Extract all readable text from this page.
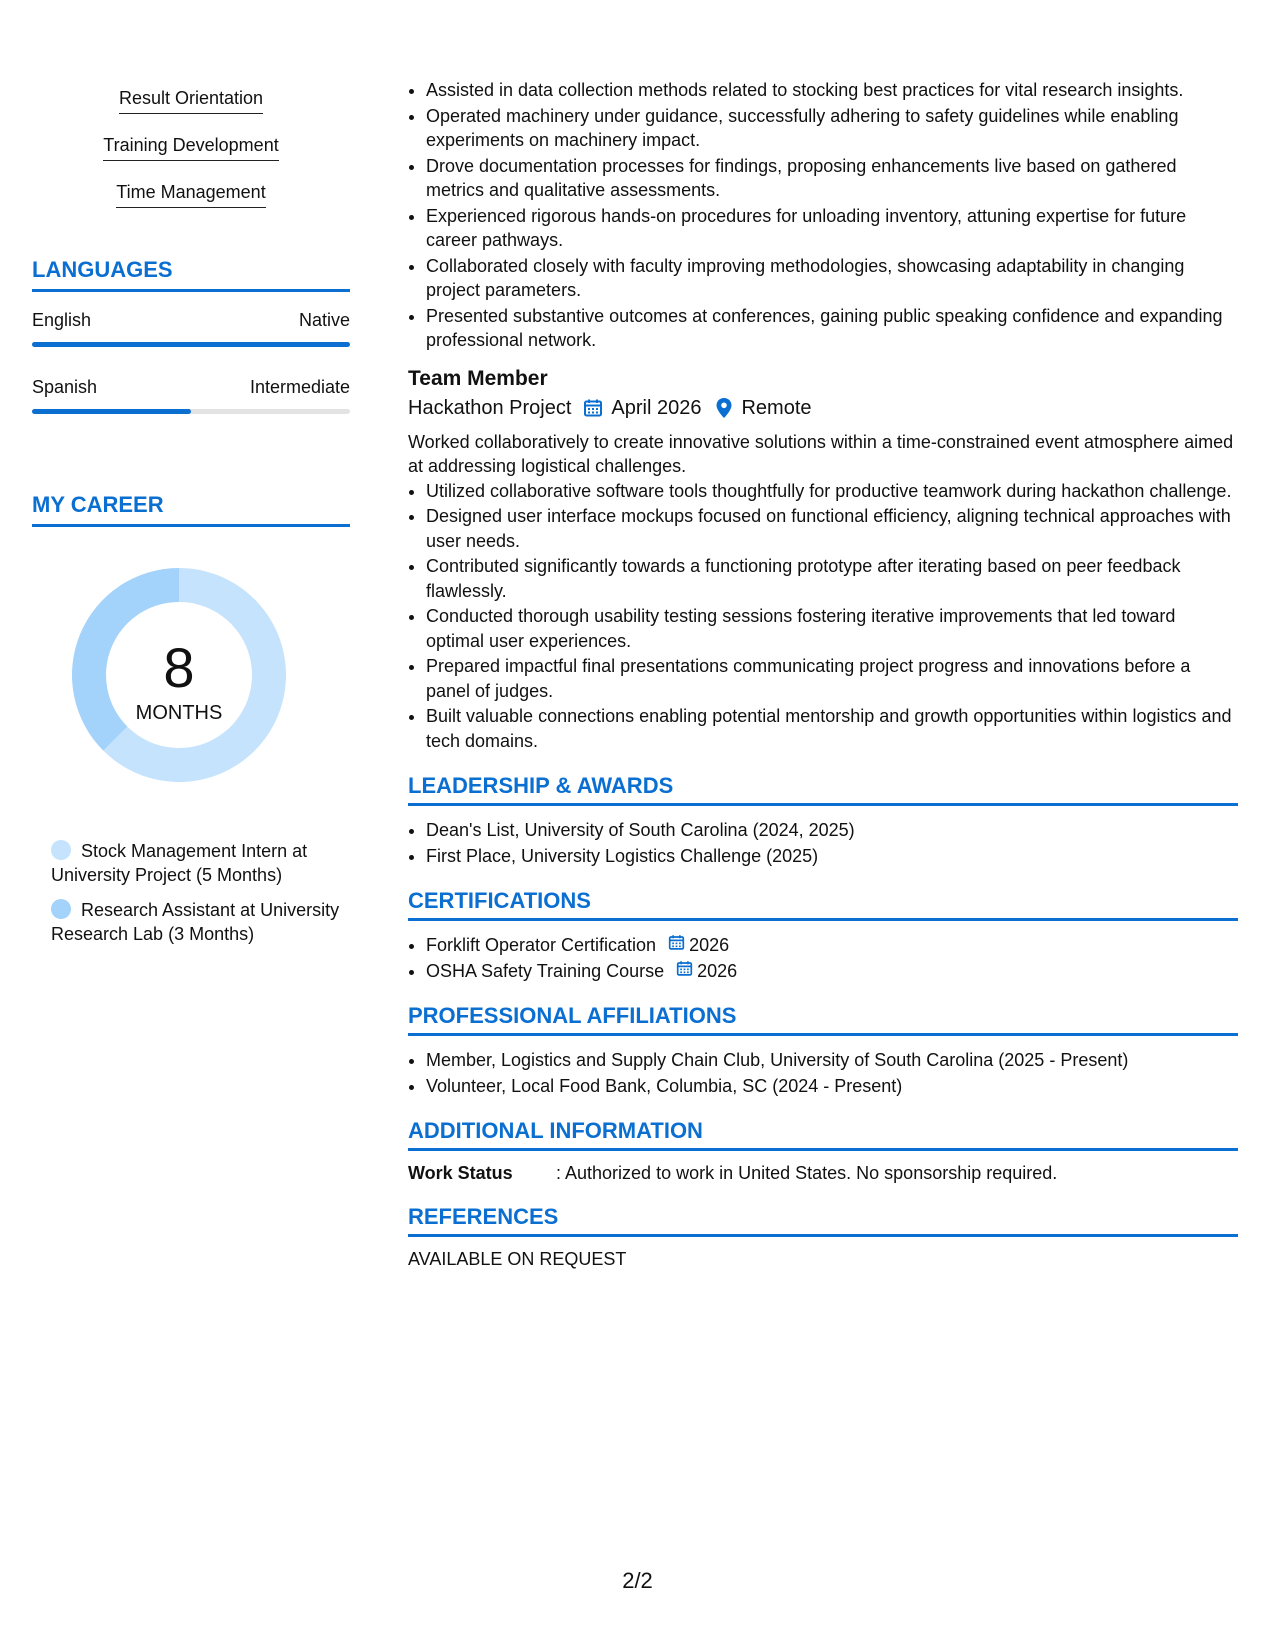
Result Orientation
Training Development
Time Management
LANGUAGES
English	Native
Spanish	Intermediate
MY CAREER
8
MONTHS
Stock Management Intern at University Project (5 Months)
Research Assistant at University Research Lab (3 Months)
• Assisted in data collection methods related to stocking best practices for vital research insights.
• Operated machinery under guidance, successfully adhering to safety guidelines while enabling experiments on machinery impact.
• Drove documentation processes for findings, proposing enhancements live based on gathered metrics and qualitative assessments.
• Experienced rigorous hands-on procedures for unloading inventory, attuning expertise for future career pathways.
• Collaborated closely with faculty improving methodologies, showcasing adaptability in changing project parameters.
• Presented substantive outcomes at conferences, gaining public speaking confidence and expanding professional network.
Team Member
Hackathon Project April 2026 Remote
Worked collaboratively to create innovative solutions within a time-constrained event atmosphere aimed at addressing logistical challenges.
• Utilized collaborative software tools thoughtfully for productive teamwork during hackathon challenge.
• Designed user interface mockups focused on functional efficiency, aligning technical approaches with user needs.
• Contributed significantly towards a functioning prototype after iterating based on peer feedback flawlessly.
• Conducted thorough usability testing sessions fostering iterative improvements that led toward optimal user experiences.
• Prepared impactful final presentations communicating project progress and innovations before a panel of judges.
• Built valuable connections enabling potential mentorship and growth opportunities within logistics and tech domains.
LEADERSHIP & AWARDS
• Dean's List, University of South Carolina (2024, 2025)
• First Place, University Logistics Challenge (2025)
CERTIFICATIONS
• Forklift Operator Certification 2026
• OSHA Safety Training Course 2026
PROFESSIONAL AFFILIATIONS
• Member, Logistics and Supply Chain Club, University of South Carolina (2025 - Present)
• Volunteer, Local Food Bank, Columbia, SC (2024 - Present)
ADDITIONAL INFORMATION
Work Status	: Authorized to work in United States. No sponsorship required.
REFERENCES
AVAILABLE ON REQUEST
2/2
